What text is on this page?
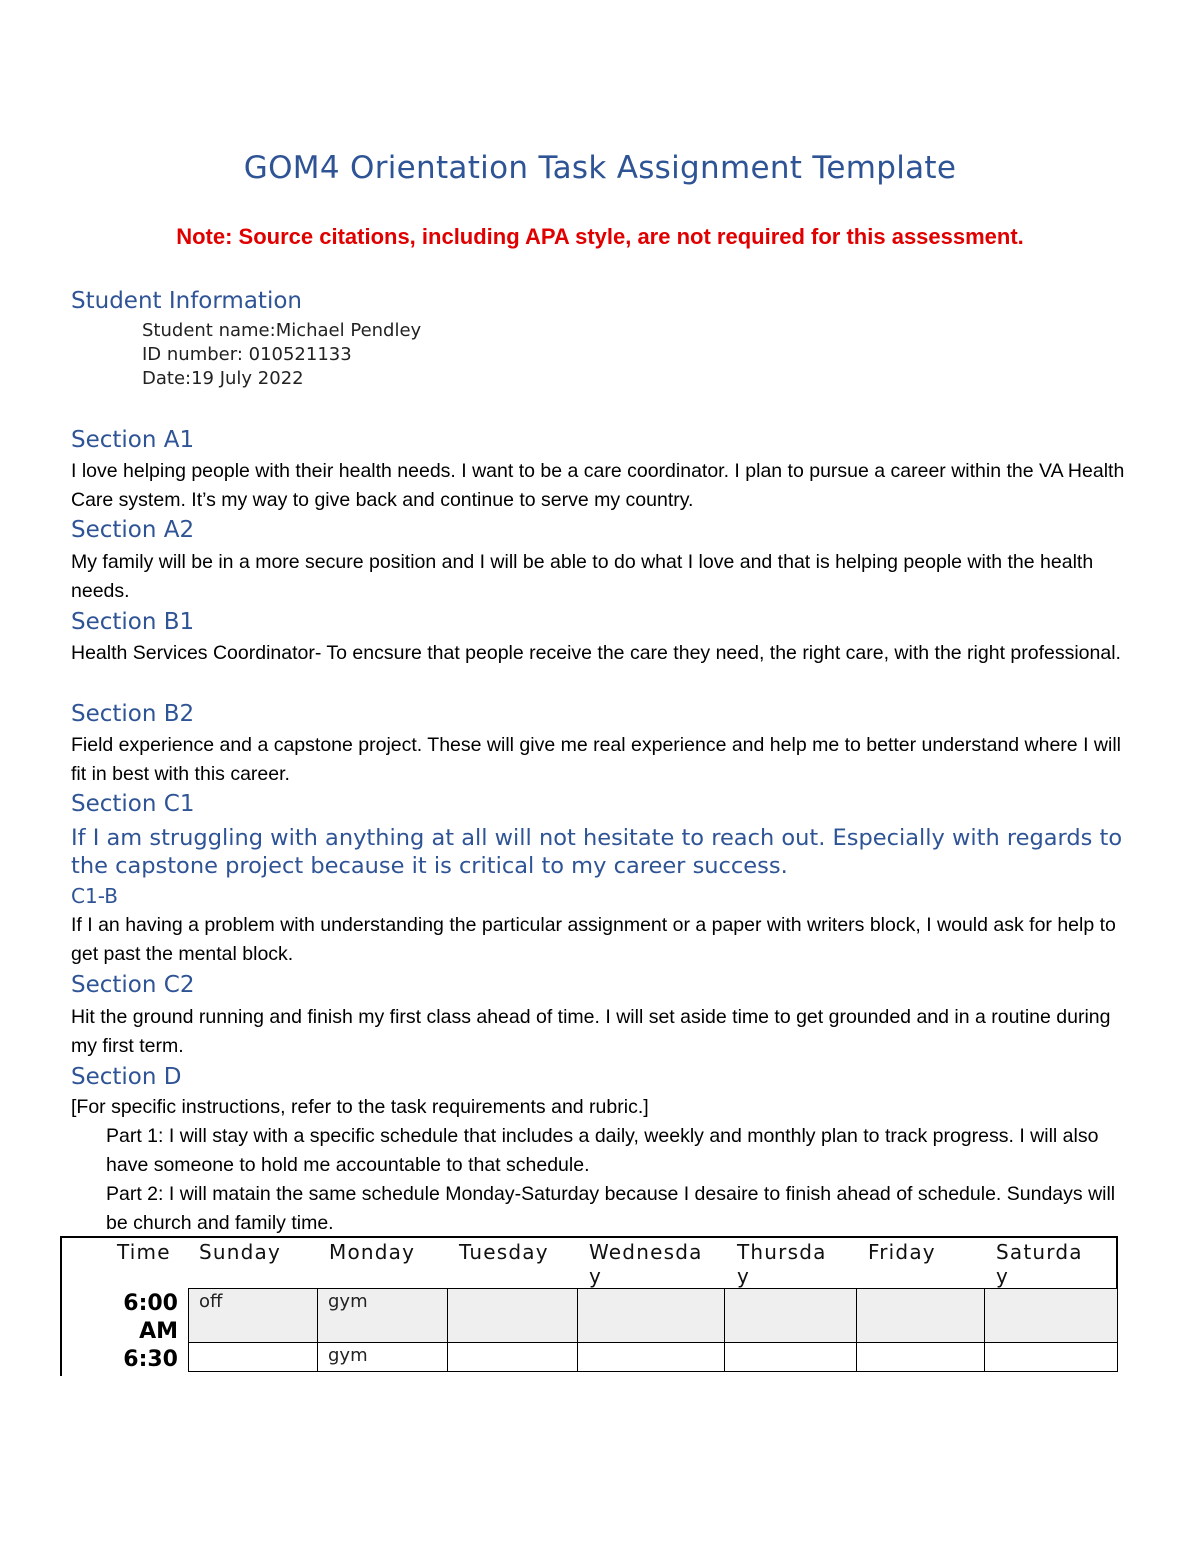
GOM4 Orientation Task Assignment Template
Note: Source citations, including APA style, are not required for this assessment.
Student Information
Student name:Michael Pendley
ID number: 010521133
Date:19 July 2022
Section A1
I love helping people with their health needs. I want to be a care coordinator. I plan to pursue a career within the VA Health Care system. It’s my way to give back and continue to serve my country.
Section A2
My family will be in a more secure position and I will be able to do what I love and that is helping people with the health needs.
Section B1
Health Services Coordinator- To encsure that people receive the care they need, the right care, with the right professional.
Section B2
Field experience and a capstone project. These will give me real experience and help me to better understand where I will fit in best with this career.
Section C1
If I am struggling with anything at all will not hesitate to reach out. Especially with regards to the capstone project because it is critical to my career success.
C1-B
If I an having a problem with understanding the particular assignment or a paper with writers block, I would ask for help to get past the mental block.
Section C2
Hit the ground running and finish my first class ahead of time. I will set aside time to get grounded and in a routine during my first term.
Section D
[For specific instructions, refer to the task requirements and rubric.]
Part 1: I will stay with a specific schedule that includes a daily, weekly and monthly plan to track progress. I will also have someone to hold me accountable to that schedule.
Part 2: I will matain the same schedule Monday-Saturday because I desaire to finish ahead of schedule. Sundays will be church and family time.
Time Sunday Monday Tuesday Wednesda
y
Thursda
y
Friday	Saturda
y
6:00
AM
6:30
off	gym
gym
